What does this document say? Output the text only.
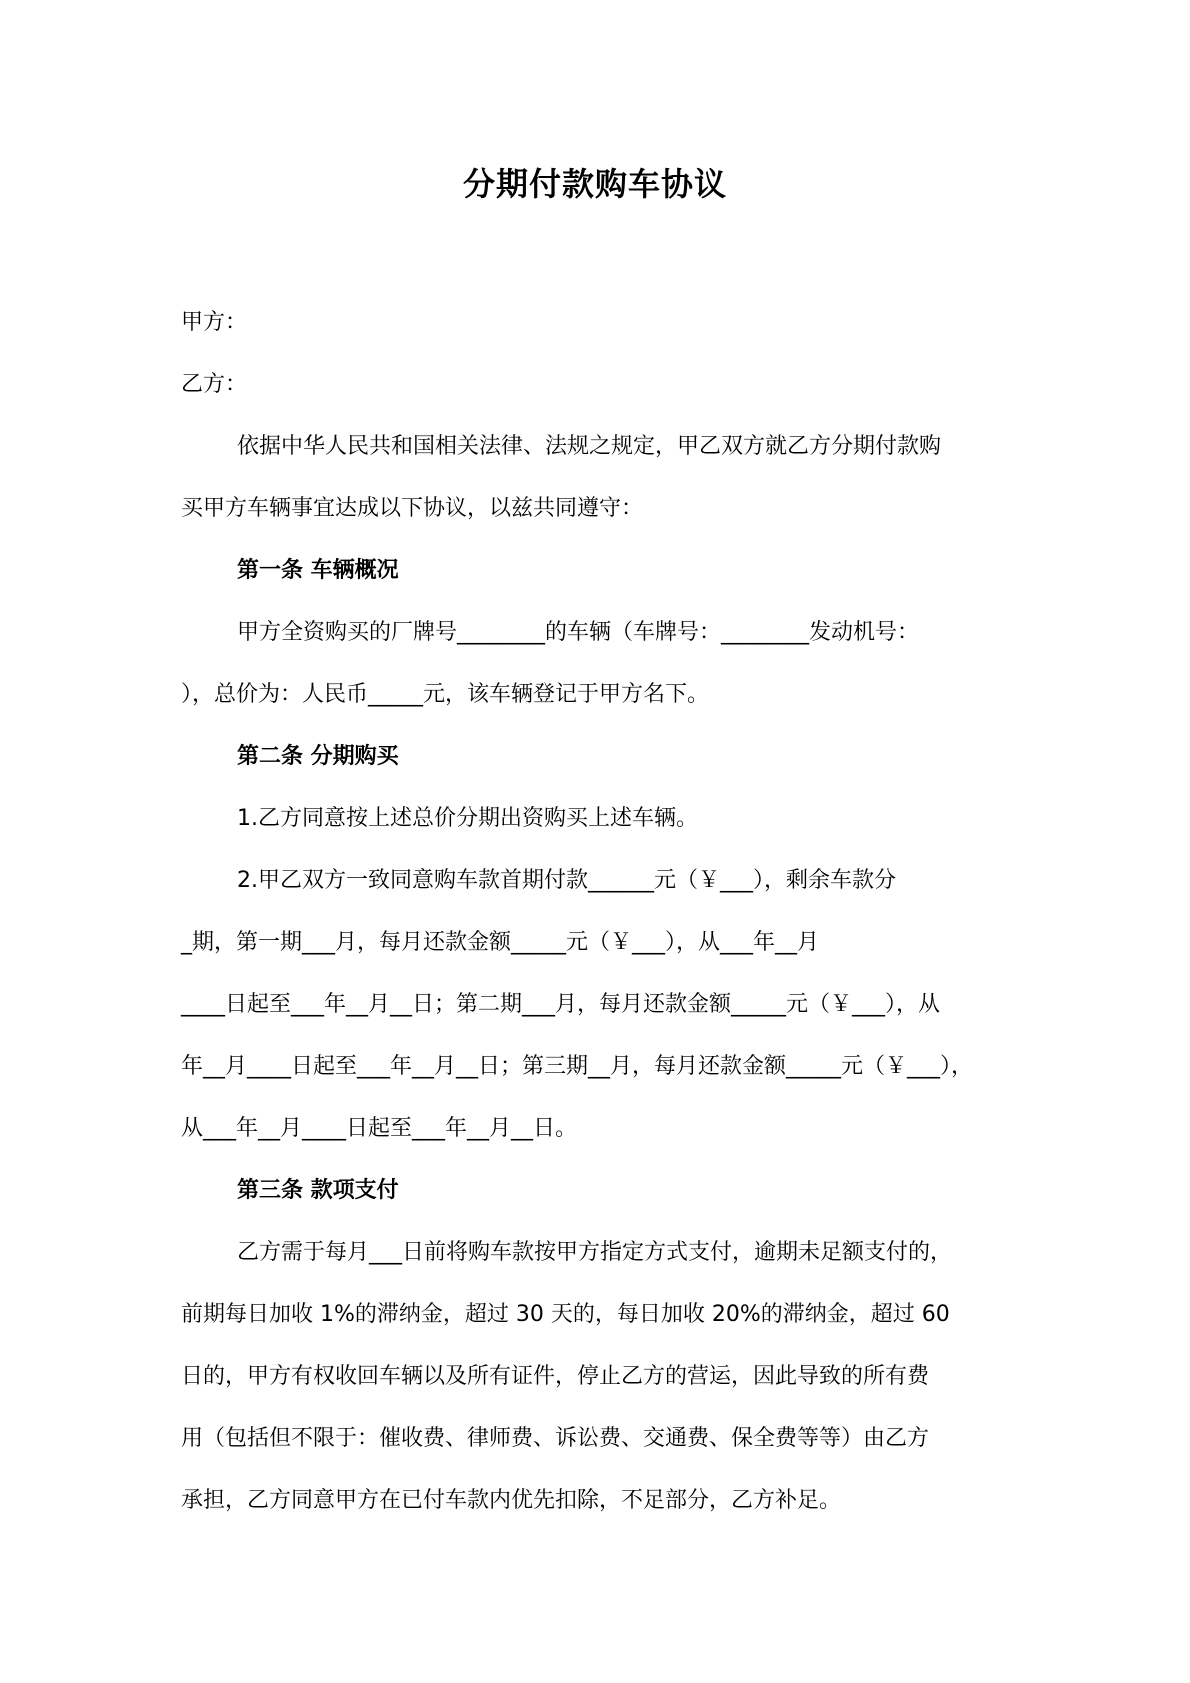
分期付款购车协议
甲方：
乙方：
依据中华人民共和国相关法律、法规之规定，甲乙双方就乙方分期付款购
买甲方车辆事宜达成以下协议，以兹共同遵守：
第一条 车辆概况
甲方全资购买的厂牌号________的车辆（车牌号：________发动机号：
），总价为：人民币_____元，该车辆登记于甲方名下。
第二条 分期购买
1.乙方同意按上述总价分期出资购买上述车辆。
2.甲乙双方一致同意购车款首期付款______元（￥___），剩余车款分
_期，第一期___月，每月还款金额_____元（￥___），从___年__月
____日起至___年__月__日；第二期___月，每月还款金额_____元（￥___），从
年__月____日起至___年__月__日；第三期__月，每月还款金额_____元（￥___），
从___年__月____日起至___年__月__日。
第三条 款项支付
乙方需于每月___日前将购车款按甲方指定方式支付，逾期未足额支付的，
前期每日加收 1%的滞纳金，超过 30 天的，每日加收 20%的滞纳金，超过 60
日的，甲方有权收回车辆以及所有证件，停止乙方的营运，因此导致的所有费
用（包括但不限于：催收费、律师费、诉讼费、交通费、保全费等等）由乙方
承担，乙方同意甲方在已付车款内优先扣除，不足部分，乙方补足。
